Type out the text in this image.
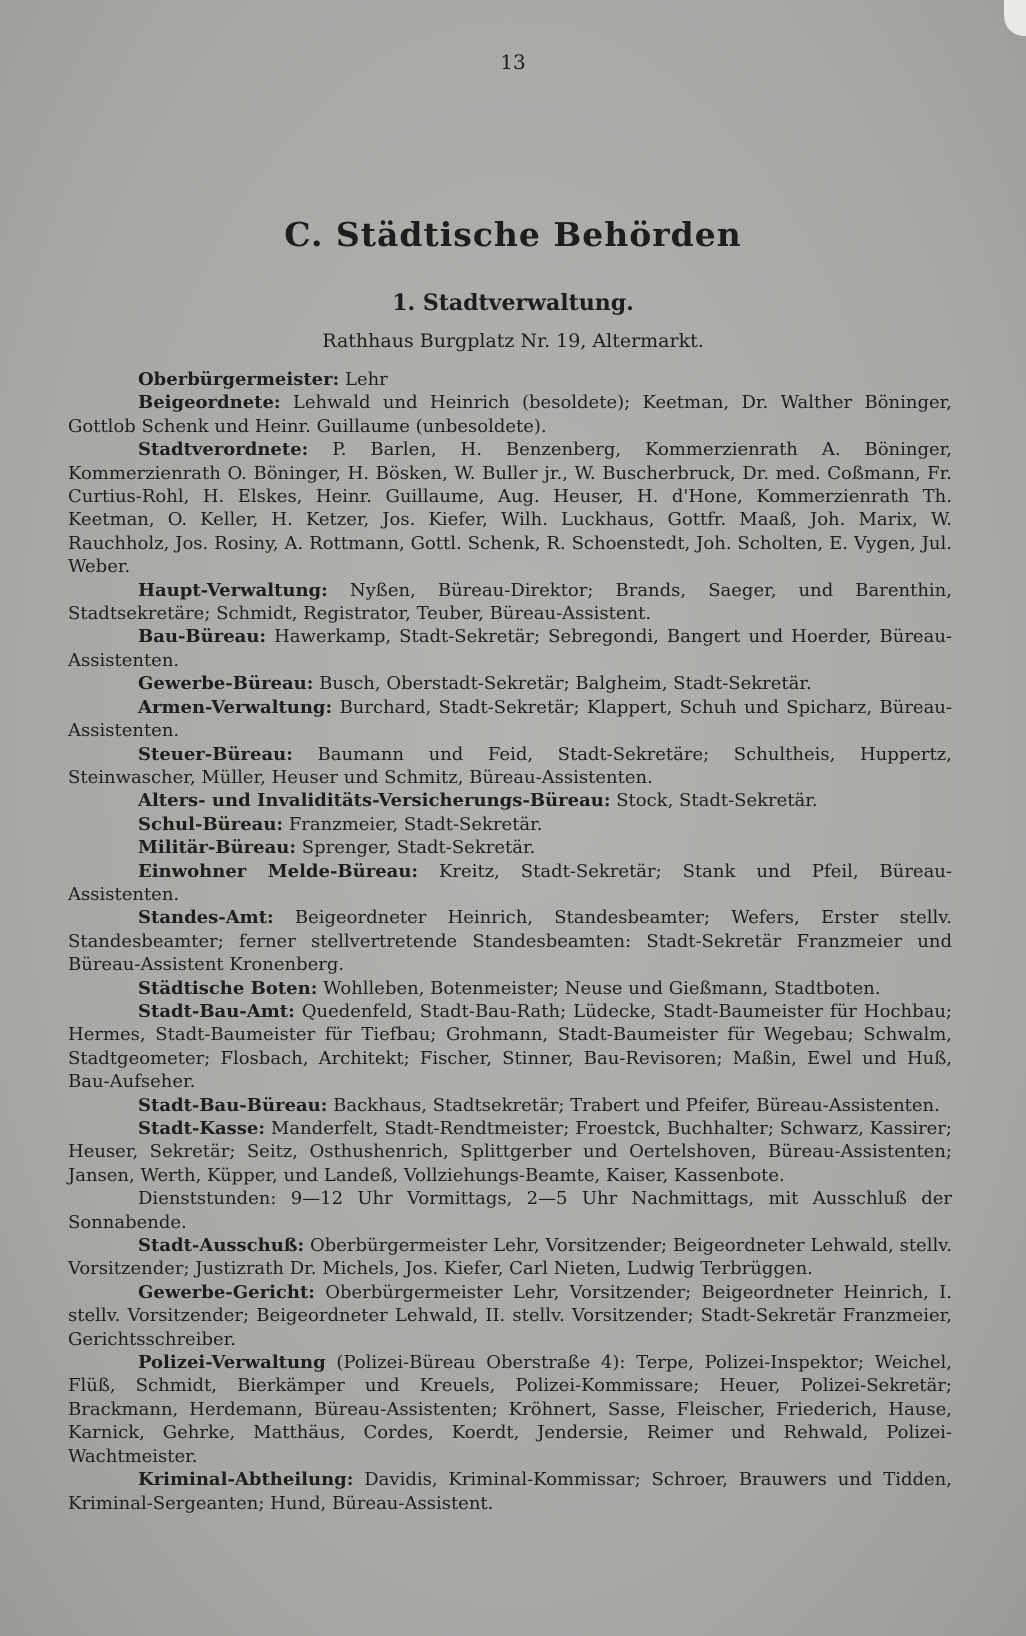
13
C. Städtische Behörden
1. Stadtverwaltung.
Rathhaus Burgplatz Nr. 19, Altermarkt.

Oberbürgermeister: Lehr

Beigeordnete: Lehwald und Heinrich (besoldete); Keetman, Dr. Walther Böninger, Gottlob Schenk und Heinr. Guillaume (unbesoldete).

Stadtverordnete: P. Barlen, H. Benzenberg, Kommerzienrath A. Böninger, Kommerzienrath O. Böninger, H. Bösken, W. Buller jr., W. Buscherbruck, Dr. med. Coßmann, Fr. Curtius-Rohl, H. Elskes, Heinr. Guillaume, Aug. Heuser, H. d'Hone, Kommerzienrath Th. Keetman, O. Keller, H. Ketzer, Jos. Kiefer, Wilh. Luckhaus, Gottfr. Maaß, Joh. Marix, W. Rauchholz, Jos. Rosiny, A. Rottmann, Gottl. Schenk, R. Schoenstedt, Joh. Scholten, E. Vygen, Jul. Weber.

Haupt-Verwaltung: Nyßen, Büreau-Direktor; Brands, Saeger, und Barenthin, Stadtsekretäre; Schmidt, Registrator, Teuber, Büreau-Assistent.

Bau-Büreau: Hawerkamp, Stadt-Sekretär; Sebregondi, Bangert und Hoerder, Büreau-Assistenten.

Gewerbe-Büreau: Busch, Oberstadt-Sekretär; Balgheim, Stadt-Sekretär.

Armen-Verwaltung: Burchard, Stadt-Sekretär; Klappert, Schuh und Spicharz, Büreau-Assistenten.

Steuer-Büreau: Baumann und Feid, Stadt-Sekretäre; Schultheis, Huppertz, Steinwascher, Müller, Heuser und Schmitz, Büreau-Assistenten.

Alters- und Invaliditäts-Versicherungs-Büreau: Stock, Stadt-Sekretär.

Schul-Büreau: Franzmeier, Stadt-Sekretär.

Militär-Büreau: Sprenger, Stadt-Sekretär.

Einwohner Melde-Büreau: Kreitz, Stadt-Sekretär; Stank und Pfeil, Büreau-Assistenten.

Standes-Amt: Beigeordneter Heinrich, Standesbeamter; Wefers, Erster stellv. Standesbeamter; ferner stellvertretende Standesbeamten: Stadt-Sekretär Franzmeier und Büreau-Assistent Kronenberg.

Städtische Boten: Wohlleben, Botenmeister; Neuse und Gießmann, Stadtboten.

Stadt-Bau-Amt: Quedenfeld, Stadt-Bau-Rath; Lüdecke, Stadt-Baumeister für Hochbau; Hermes, Stadt-Baumeister für Tiefbau; Grohmann, Stadt-Baumeister für Wegebau; Schwalm, Stadtgeometer; Flosbach, Architekt; Fischer, Stinner, Bau-Revisoren; Maßin, Ewel und Huß, Bau-Aufseher.

Stadt-Bau-Büreau: Backhaus, Stadtsekretär; Trabert und Pfeifer, Büreau-Assistenten.

Stadt-Kasse: Manderfelt, Stadt-Rendtmeister; Froestck, Buchhalter; Schwarz, Kassirer; Heuser, Sekretär; Seitz, Osthushenrich, Splittgerber und Oertelshoven, Büreau-Assistenten; Jansen, Werth, Küpper, und Landeß, Vollziehungs-Beamte, Kaiser, Kassenbote.

Dienststunden: 9—12 Uhr Vormittags, 2—5 Uhr Nachmittags, mit Ausschluß der Sonnabende.

Stadt-Ausschuß: Oberbürgermeister Lehr, Vorsitzender; Beigeordneter Lehwald, stellv. Vorsitzender; Justizrath Dr. Michels, Jos. Kiefer, Carl Nieten, Ludwig Terbrüggen.

Gewerbe-Gericht: Oberbürgermeister Lehr, Vorsitzender; Beigeordneter Heinrich, I. stellv. Vorsitzender; Beigeordneter Lehwald, II. stellv. Vorsitzender; Stadt-Sekretär Franzmeier, Gerichtsschreiber.

Polizei-Verwaltung (Polizei-Büreau Oberstraße 4): Terpe, Polizei-Inspektor; Weichel, Flüß, Schmidt, Bierkämper und Kreuels, Polizei-Kommissare; Heuer, Polizei-Sekretär; Brackmann, Herdemann, Büreau-Assistenten; Kröhnert, Sasse, Fleischer, Friederich, Hause, Karnick, Gehrke, Matthäus, Cordes, Koerdt, Jendersie, Reimer und Rehwald, Polizei-Wachtmeister.

Kriminal-Abtheilung: Davidis, Kriminal-Kommissar; Schroer, Brauwers und Tidden, Kriminal-Sergeanten; Hund, Büreau-Assistent.
